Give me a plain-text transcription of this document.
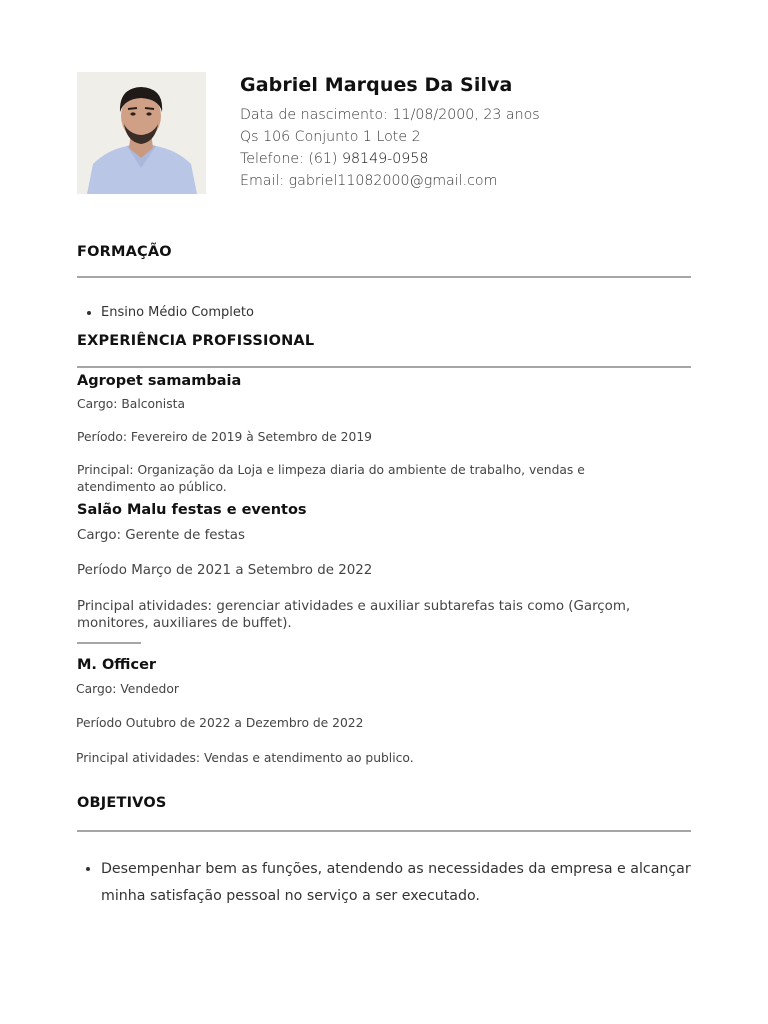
Gabriel Marques Da Silva
Data de nascimento: 11/08/2000, 23 anos
Qs 106 Conjunto 1 Lote 2
Telefone: (61) 98149-0958
Email: gabriel11082000@gmail.com
FORMAÇÃO
• Ensino Médio Completo
EXPERIÊNCIA PROFISSIONAL
Agropet samambaia

Cargo: Balconista

Período: Fevereiro de 2019 à Setembro de 2019

Principal: Organização da Loja e limpeza diaria do ambiente de trabalho, vendas e atendimento ao público.

Salão Malu festas e eventos

Cargo: Gerente de festas

Período Março de 2021 a Setembro de 2022

Principal atividades: gerenciar atividades e auxiliar subtarefas tais como (Garçom, monitores, auxiliares de buffet).

M. Officer

Cargo: Vendedor

Período Outubro de 2022 a Dezembro de 2022

Principal atividades: Vendas e atendimento ao publico.

OBJETIVOS
• Desempenhar bem as funções, atendendo as necessidades da empresa e alcançar minha satisfação pessoal no serviço a ser executado.
